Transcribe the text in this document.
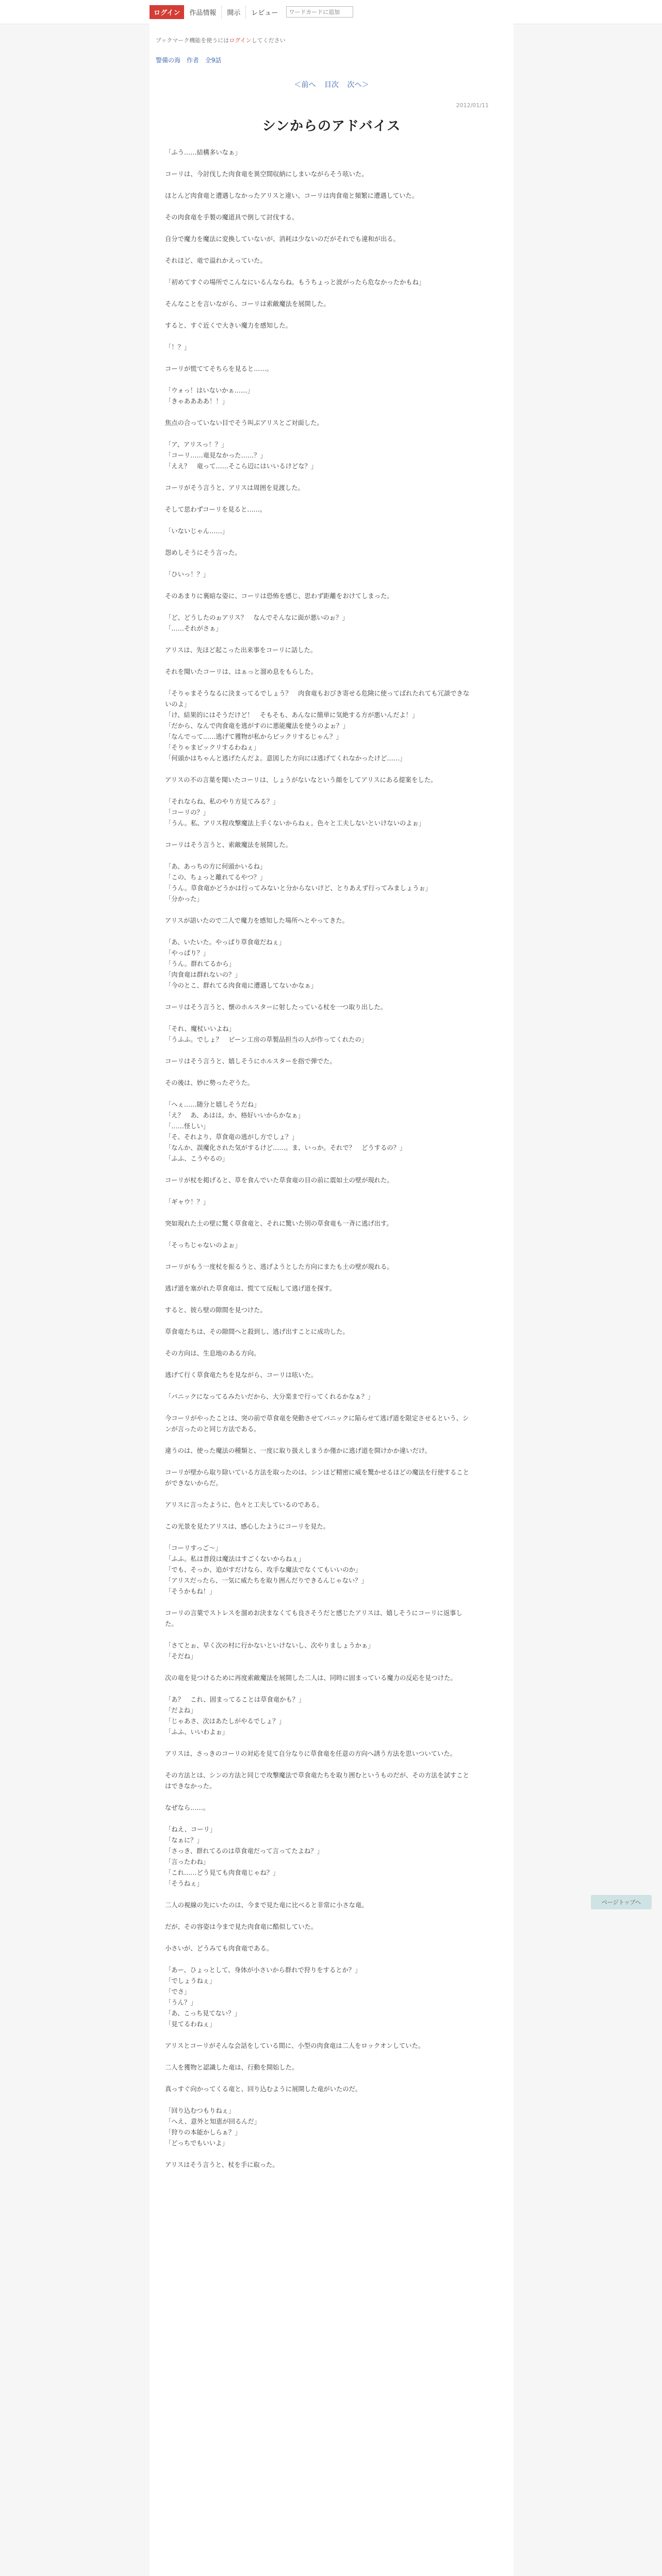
ログイン	作品情報	開示	レビュー
ワードカードに追加
ブックマーク機能を使うにはログインしてください
警備の海 作者 全9話
＜前へ 目次 次へ＞
2012/01/11
シンからのアドバイス

「ふう……結構多いなぁ」

コーリは、今討伐した肉食竜を異空間収納にしまいながらそう呟いた。

ほとんど肉食竜と遭遇しなかったアリスと違い、コーリは肉食竜と頻繁に遭遇していた。

その肉食竜を手製の魔道具で倒して討伐する。

自分で魔力を魔法に変換していないが、消耗は少ないのだがそれでも違和が出る。

それほど、竜で溢れかえっていた。

「初めてすぐの場所でこんなにいるんならね。もうちょっと波がったら危なかったかもね」

そんなことを言いながら、コーリは索敵魔法を展開した。

すると、すぐ近くで大きい魔力を感知した。

「！？」

コーリが慌ててそちらを見ると……。

「ウォっ！はいないかぁ……」
「きゃああああ！！」

焦点の合っていない目でそう叫ぶアリスとご対面した。

「ア、アリスっ！？」
「コーリ……竜見なかった……？」
「ええ？　竜って……そこら辺にはいいるけどな？」

コーリがそう言うと、アリスは周囲を見渡した。

そして思わずコーリを見ると……。

「いないじゃん……」

怨めしそうにそう言った。

「ひいっ！？」

そのあまりに裏暗な姿に、コーリは恐怖を感じ、思わず距離をおけてしまった。

「ど、どうしたのぉアリス？　なんでそんなに面が悪いのぉ？」
「……それがさぁ」

アリスは、先ほど起こった出来事をコーリに話した。

それを聞いたコーリは、はぁっと溜め息をもらした。

「そりゃまそうなるに決まってるでしょう？　肉食竜もおびき寄せる危険に使ってばれたれても冗談できないのよ」
「け、結果的にはそうだけど！　そもそも、あんなに簡単に気絶する方が悪いんだよ！」
「だから、なんで肉食竜を逃がすのに悪能魔法を使うのよぉ？」
「なんでって……逃げて獲物が私からビックリするじゃん？」
「そりゃまビックリするわねぇ」
「何頭かはちゃんと逃げたんだよ。意図した方向には逃げてくれなかったけど……」

アリスの不の言葉を聞いたコーリは、しょうがないなという顔をしてアリスにある提案をした。

「それならね、私のやり方見てみる？」
「コーリの？」
「うん。私、アリス程攻撃魔法上手くないからねぇ。色々と工夫しないといけないのよぉ」

コーリはそう言うと、索敵魔法を展開した。

「あ、あっちの方に何頭かいるね」
「この、ちょっと離れてるやつ？」
「うん。草食竜かどうかは行ってみないと分からないけど、とりあえず行ってみましょうぉ」
「分かった」

アリスが語いたので二人で魔力を感知した場所へとやってきた。

「あ、いたいた。やっぱり草食竜だねぇ」
「やっぱり？」
「うん。群れてるから」
「肉食竜は群れないの？」
「今のとこ、群れてる肉食竜に遭遇してないかなぁ」

コーリはそう言うと、懐のホルスターに射したっている杖を一つ取り出した。

「それ、魔杖いいよね」
「うふふ。でしょ？　ビーン工房の草製品担当の人が作ってくれたの」

コーリはそう言うと、嬉しそうにホルスターを指で弾でた。

その後は、妙に勢ったぞうた。

「へぇ……随分と嬉しそうだね」
「え？　あ、あはは。か、格好いいからかなぁ」
「……怪しい」
「そ、それより、草食竜の逃がし方でしょ？」
「なんか、誤魔化された気がするけど……。ま、いっか。それで？　どうするの？」
「ふふ、こうやるの」

コーリが杖を掲げると、草を食んでいた草食竜の目の前に震如土の壁が現れた。

「ギャウ！？」

突如現れた土の壁に驚く草食竜と、それに驚いた別の草食竜も一斉に逃げ出す。

「そっちじゃないのよぉ」

コーリがもう一度杖を振るうと、逃げようとした方向にまたも土の壁が現れる。

逃げ道を塞がれた草食竜は、慌てて反転して逃げ道を探す。

すると、彼ら壁の隙間を見つけた。

草食竜たちは、その隙間へと殺到し、逃げ出すことに成功した。

その方向は、生息地のある方向。

逃げて行く草食竜たちを見ながら、コーリは呟いた。

「パニックになってるみたいだから、大分楽まで行ってくれるかなぁ？」

今コーリがやったことは、突の前で草食竜を発動させてパニックに陥らせて逃げ道を限定させるという、シンが言ったのと同じ方法である。

違うのは、使った魔法の種類と、一度に取り扱えしまうか僅かに逃げ道を開けかか違いだけ。

コーリが壁から取り除いている方法を取ったのは、シンほど精密に威を驚かせるほどの魔法を行使することができないからだ。

アリスに言ったように、色々と工夫しているのである。

この光景を見たアリスは、感心したようにコーリを見た。

「コーリすっご～」
「ふふ。私は普段は魔法はすごくないからねぇ」
「でも、そっか、追がすだけなら、攻手な魔法でなくてもいいのか」
「アリスだったら、一気に威たちを取り囲んだりできるんじゃない？」
「そうかもね！」

コーリの言葉でストレスを溜めお決まなくても良さそうだと感じたアリスは、嬉しそうにコーリに返事した。

「さてとぉ、早く次の村に行かないといけないし、次やりましょうかぁ」
「そだね」

次の竜を見つけるために再度索敵魔法を展開した二人は、同時に固まっている魔力の反応を見つけた。

「あ？　これ、固まってることは草食竜かも？」
「だよね」
「じゃあさ、次はあたしがやるでしょ？」
「ふふ、いいわよぉ」

アリスは、さっきのコーリの対応を見て自分なりに草食竜を任意の方向へ誘う方法を思いついていた。

その方法とは、シンの方法と同じで攻撃魔法で草食竜たちを取り囲むというものだが、その方法を試すことはできなかった。

なぜなら……。

「ねえ、コーリ」
「なぁに？」
「さっき、群れてるのは草食竜だって言ってたよね？」
「言ったわね」
「これ……どう見ても肉食竜じゃね？」
「そうねぇ」

二人の視線の先にいたのは、今まで見た竜に比べると非常に小さな竜。

だが、その容姿は今まで見た肉食竜に酷似していた。

小さいが、どうみても肉食竜である。

「あー、ひょっとして、身体が小さいから群れで狩りをするとか？」
「でしょうねぇ」
「でさ」
「うん？」
「あ、こっち見てない？」
「見てるわねぇ」

アリスとコーリがそんな会話をしている間に、小型の肉食竜は二人をロックオンしていた。

二人を獲物と認識した竜は、行動を開始した。

真っすぐ向かってくる竜と、回り込むように展開した竜がいたのだ。

「回り込むつもりねぇ」
「へえ、意外と知恵が回るんだ」
「狩りの本能かしらぁ？」
「どっちでもいいよ」

アリスはそう言うと、杖を手に取った。

ページトップへ
